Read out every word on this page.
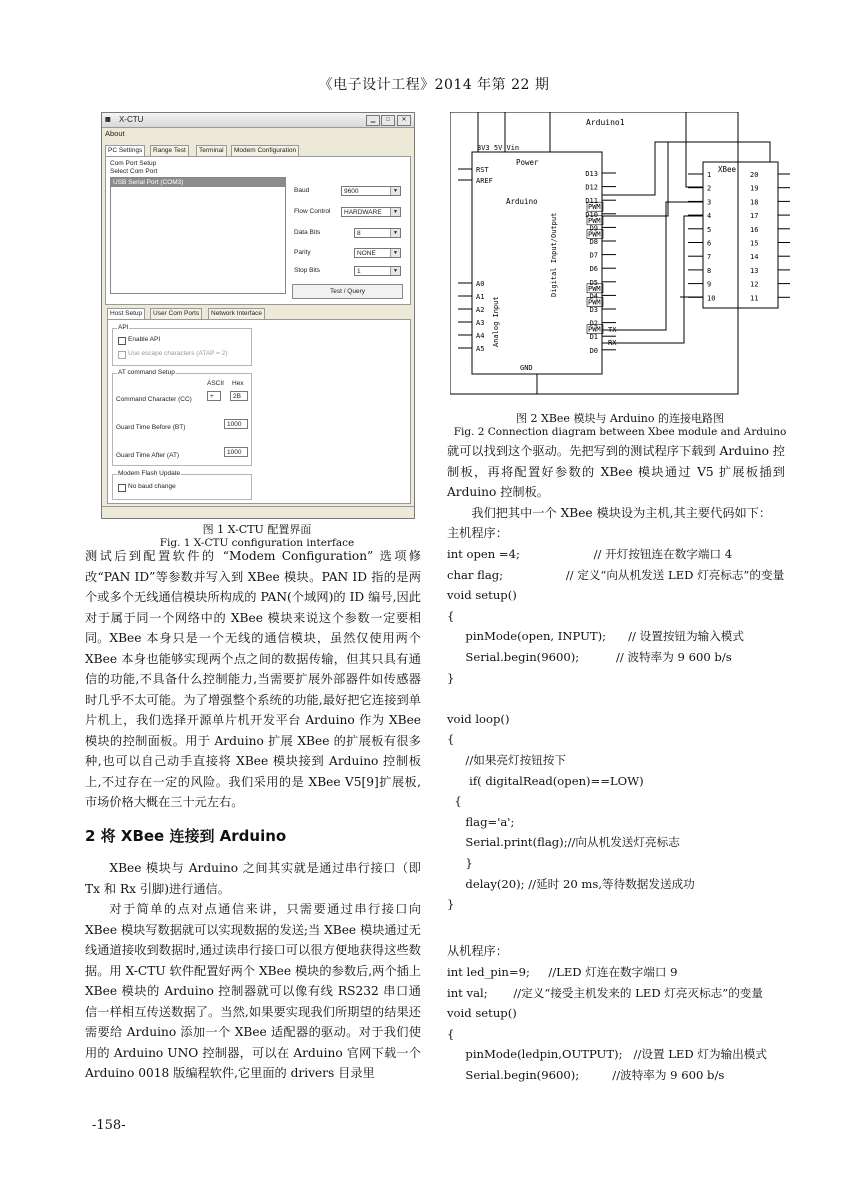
《电子设计工程》2014 年第 22 期
▦	X-CTU	▁	□	✕
About
PC Settings	Range Test	Terminal	Modem Configuration
Com Port Setup
Select Com Port
USB Serial Port (COM3)
Baud	9600	▼
Flow Control	HARDWARE	▼
Data Bits	8	▼
Parity	NONE	▼
Stop Bits	1	▼
Test / Query
Host Setup	User Com Ports	Network Interface
API
Enable API
Use escape characters (ATAP = 2)
AT command Setup
ASCII Hex
Command Character (CC)	+	2B
Guard Time Before (BT)	1000
Guard Time After (AT)	1000
Modem Flash Update
No baud change
图 1 X-CTU 配置界面
Fig. 1 X-CTU configuration interface
Arduino1
3V3 5V Vin
Power
RST
AREF
Arduino
Analog Input
Digital Input/Output
GND
TX
RX
XBee
A0
A1
A2
A3
A4
A5
D13
D12
D11
PWM
D10
PWM
D9
PWM
D8
D7
D6
D5
PWM
D4
PWM
D3
D2
PWM
D1
D0
1
2
3
4
5
6
7
8
9
10
20
19
18
17
16
15
14
13
12
11
图 2 XBee 模块与 Arduino 的连接电路图
Fig. 2 Connection diagram between Xbee module and Arduino
测试后到配置软件的 “Modem Configuration” 选项修改“PAN ID”等参数并写入到 XBee 模块。PAN ID 指的是两个或多个无线通信模块所构成的 PAN(个域网)的 ID 编号,因此对于属于同一个网络中的 XBee 模块来说这个参数一定要相同。 XBee 本身只是一个无线的通信模块，虽然仅使用两个 XBee 本身也能够实现两个点之间的数据传输，但其只具有通信的功能,不具备什么控制能力,当需要扩展外部器件如传感器时几乎不太可能。为了增强整个系统的功能,最好把它连接到单片机上，我们选择开源单片机开发平台 Arduino 作为 XBee 模块的控制面板。用于 Arduino 扩展 XBee 的扩展板有很多种,也可以自己动手直接将 XBee 模块接到 Arduino 控制板上,不过存在一定的风险。我们采用的是 XBee V5[9]扩展板,市场价格大概在三十元左右。
2 将 XBee 连接到 Arduino
XBee 模块与 Arduino 之间其实就是通过串行接口（即 Tx 和 Rx 引脚)进行通信。
对于简单的点对点通信来讲，只需要通过串行接口向 XBee 模块写数据就可以实现数据的发送;当 XBee 模块通过无线通道接收到数据时,通过读串行接口可以很方便地获得这些数据。用 X-CTU 软件配置好两个 XBee 模块的参数后,两个插上 XBee 模块的 Arduino 控制器就可以像有线 RS232 串口通信一样相互传送数据了。当然,如果要实现我们所期望的结果还需要给 Arduino 添加一个 XBee 适配器的驱动。对于我们使用的 Arduino UNO 控制器，可以在 Arduino 官网下载一个 Arduino 0018 版编程软件,它里面的 drivers 目录里
-158-
就可以找到这个驱动。先把写到的测试程序下载到 Arduino 控制板，再将配置好参数的 XBee 模块通过 V5 扩展板插到 Arduino 控制板。
我们把其中一个 XBee 模块设为主机,其主要代码如下：
主机程序：
int open =4;                    // 开灯按钮连在数字端口 4
char flag;                 // 定义“向从机发送 LED 灯亮标志”的变量
void setup()
{
pinMode(open, INPUT);      // 设置按钮为输入模式
Serial.begin(9600);          // 波特率为 9 600 b/s
}

void loop()
{
//如果亮灯按钮按下
if( digitalRead(open)==LOW)
{
flag='a';
Serial.print(flag);//向从机发送灯亮标志
}
delay(20); //延时 20 ms,等待数据发送成功
}
从机程序：
int led_pin=9;     //LED 灯连在数字端口 9
int val;       //定义“接受主机发来的 LED 灯亮灭标志”的变量
void setup()
{
pinMode(ledpin,OUTPUT);   //设置 LED 灯为输出模式
Serial.begin(9600);         //波特率为 9 600 b/s
